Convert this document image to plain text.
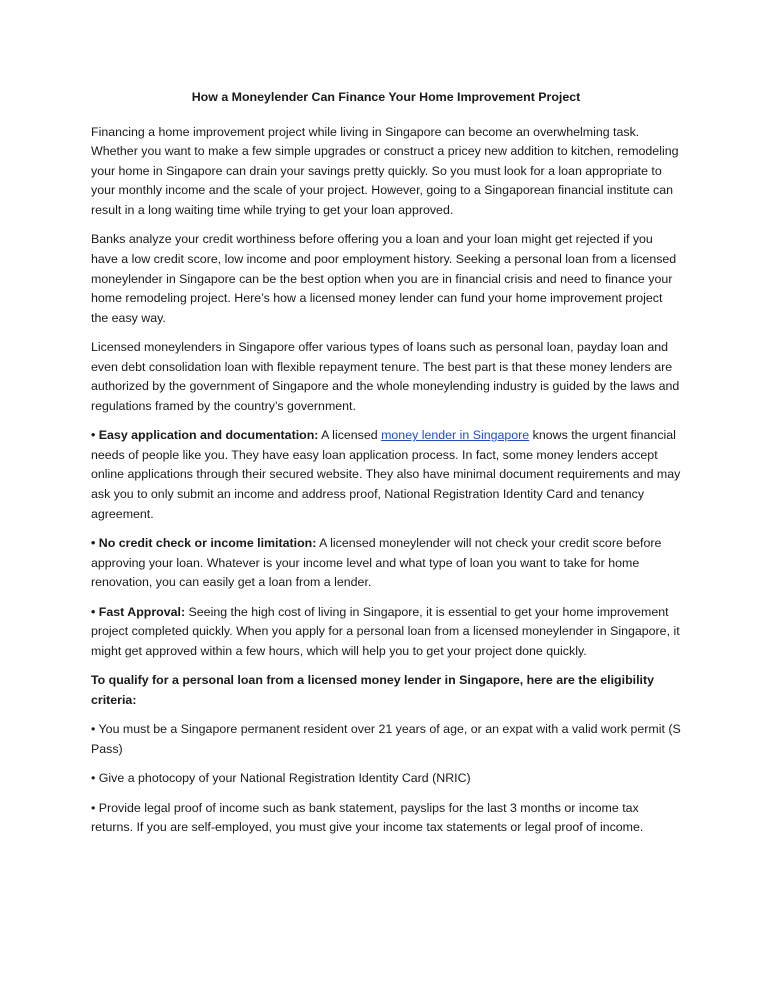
How a Moneylender Can Finance Your Home Improvement Project

Financing a home improvement project while living in Singapore can become an overwhelming task. Whether you want to make a few simple upgrades or construct a pricey new addition to kitchen, remodeling your home in Singapore can drain your savings pretty quickly. So you must look for a loan appropriate to your monthly income and the scale of your project. However, going to a Singaporean financial institute can result in a long waiting time while trying to get your loan approved.

Banks analyze your credit worthiness before offering you a loan and your loan might get rejected if you have a low credit score, low income and poor employment history. Seeking a personal loan from a licensed moneylender in Singapore can be the best option when you are in financial crisis and need to finance your home remodeling project. Here’s how a licensed money lender can fund your home improvement project the easy way.

Licensed moneylenders in Singapore offer various types of loans such as personal loan, payday loan and even debt consolidation loan with flexible repayment tenure. The best part is that these money lenders are authorized by the government of Singapore and the whole moneylending industry is guided by the laws and regulations framed by the country’s government.

• Easy application and documentation: A licensed money lender in Singapore knows the urgent financial needs of people like you. They have easy loan application process. In fact, some money lenders accept online applications through their secured website. They also have minimal document requirements and may ask you to only submit an income and address proof, National Registration Identity Card and tenancy agreement.

• No credit check or income limitation: A licensed moneylender will not check your credit score before approving your loan. Whatever is your income level and what type of loan you want to take for home renovation, you can easily get a loan from a lender.

• Fast Approval: Seeing the high cost of living in Singapore, it is essential to get your home improvement project completed quickly. When you apply for a personal loan from a licensed moneylender in Singapore, it might get approved within a few hours, which will help you to get your project done quickly.

To qualify for a personal loan from a licensed money lender in Singapore, here are the eligibility criteria:

• You must be a Singapore permanent resident over 21 years of age, or an expat with a valid work permit (S Pass)

• Give a photocopy of your National Registration Identity Card (NRIC)

• Provide legal proof of income such as bank statement, payslips for the last 3 months or income tax returns. If you are self-employed, you must give your income tax statements or legal proof of income.
